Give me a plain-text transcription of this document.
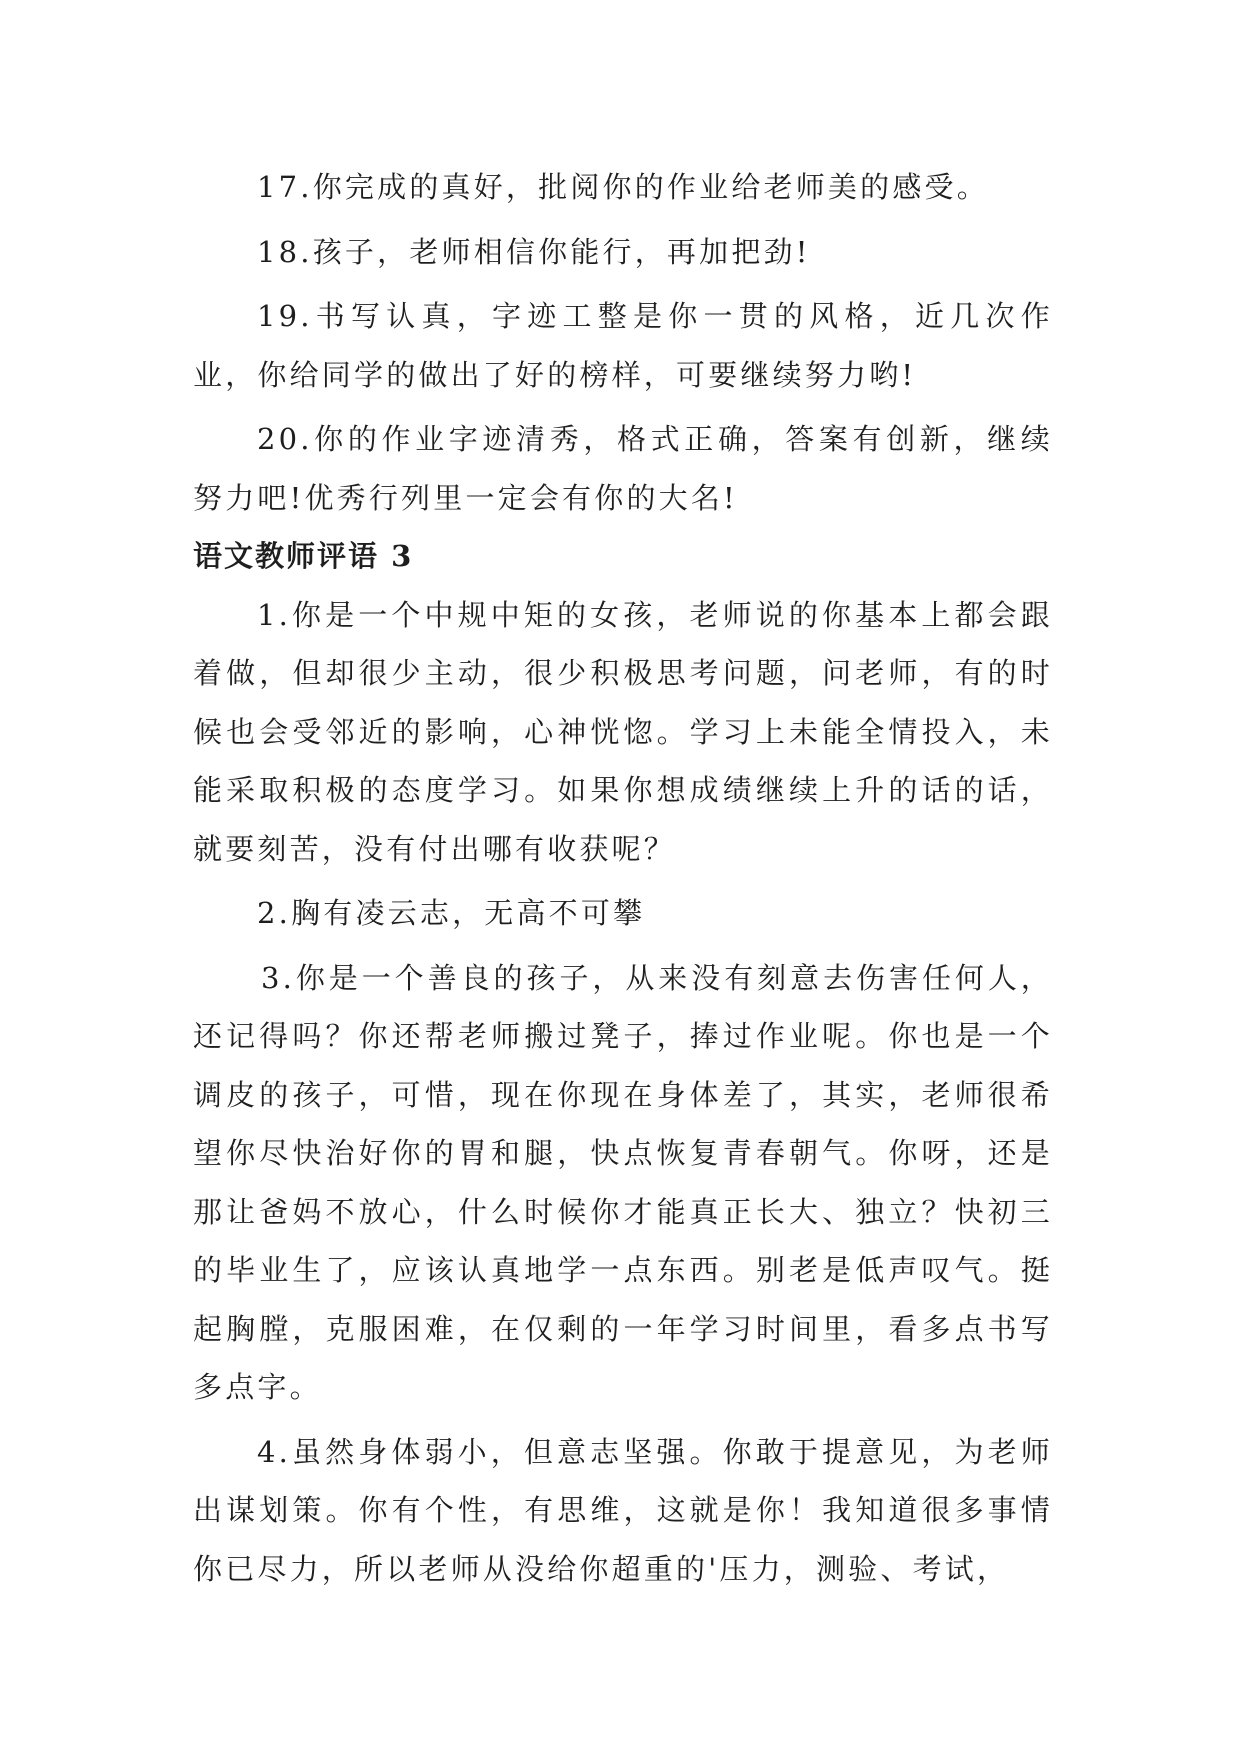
17.你完成的真好，批阅你的作业给老师美的感受。

18.孩子，老师相信你能行，再加把劲!

19.书写认真，字迹工整是你一贯的风格，近几次作业，你给同学的做出了好的榜样，可要继续努力哟!

20.你的作业字迹清秀，格式正确，答案有创新，继续努力吧!优秀行列里一定会有你的大名!

语文教师评语 3

1.你是一个中规中矩的女孩，老师说的你基本上都会跟着做，但却很少主动，很少积极思考问题，问老师，有的时候也会受邻近的影响，心神恍惚。学习上未能全情投入，未能采取积极的态度学习。如果你想成绩继续上升的话的话，就要刻苦，没有付出哪有收获呢？

2.胸有凌云志，无高不可攀

3.你是一个善良的孩子，从来没有刻意去伤害任何人，还记得吗？你还帮老师搬过凳子，捧过作业呢。你也是一个调皮的孩子，可惜，现在你现在身体差了，其实，老师很希望你尽快治好你的胃和腿，快点恢复青春朝气。你呀，还是那让爸妈不放心，什么时候你才能真正长大、独立？快初三的毕业生了，应该认真地学一点东西。别老是低声叹气。挺起胸膛，克服困难，在仅剩的一年学习时间里，看多点书写多点字。

4.虽然身体弱小，但意志坚强。你敢于提意见，为老师出谋划策。你有个性，有思维，这就是你！我知道很多事情你已尽力，所以老师从没给你超重的'压力，测验、考试，
